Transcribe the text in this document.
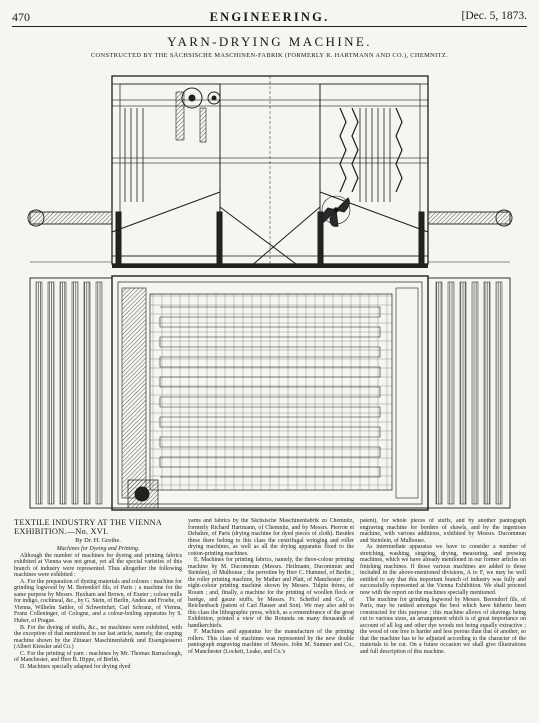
470	ENGINEERING.	[Dec. 5, 1873.
YARN-DRYING MACHINE.
CONSTRUCTED BY THE SÄCHSISCHE MASCHINEN-FABRIK (FORMERLY R. HARTMANN AND CO.), CHEMNITZ.
TEXTILE INDUSTRY AT THE VIENNA EXHIBITION.—No. XVI.

By Dr. H. Grothe.

Machines for Dyeing and Printing.

Although the number of machines for dyeing and printing fabrics exhibited at Vienna was not great, yet all the special varieties of this branch of industry were represented. Thus altogether the following machines were exhibited :

A. For the preparation of dyeing materials and colours : machine for grinding logwood by M. Berendorf fils, of Paris ; a machine for the same purpose by Messrs. Huxham and Brown, of Exeter ; colour mills for indigo, cochineal, &c., by G. Stein, of Berlin, Andes and Froebe, of Vienna, Wilhelm Sattler, of Schweinfurt, Carl Schranz, of Vienna, Franz Colleninger, of Cologne, and a colour-boiling apparatus by S. Huber, of Prague.

B. For the dyeing of stuffs, &c., no machines were exhibited, with the exception of that mentioned in our last article, namely, the craping machine shown by the Zittauer Maschinenfabrik und Eisengiesserei (Albert Kiessler and Co.)

C. For the printing of yarn : machines by Mr. Thomas Barraclough, of Manchester, and Herr B. Hippe, of Berlin.

D. Machines specially adapted for drying dyed

yarns and fabrics by the Sächsische Maschinenfabrik zu Chemnitz, formerly Richard Hartmann, of Chemnitz, and by Messrs. Pierron et Dehaître, of Paris (drying machine for dyed pieces of cloth). Besides these there belong to this class the centrifugal wringing and roller drying machines, as well as all the drying apparatus fixed to the cotton-printing machines.

E. Machines for printing fabrics, namely, the three-colour printing machine by M. Ducommun (Messrs. Heilmann, Ducommun and Steinlen), of Mulhouse ; the perrotine by Herr C. Hummel, of Berlin ; the roller printing machine, by Mather and Platt, of Manchester ; the eight-colour printing machine shown by Messrs. Tulpin frères, of Rouen ; and, finally, a machine for the printing of woollen flock or barège, and gauze stuffs, by Messrs. Fr. Scheffel and Co., of Reichenbach (patent of Carl Hauser and Son). We may also add to this class the lithographic press, which, as a remembrance of the great Exhibition, printed a view of the Rotunda on many thousands of handkerchiefs.

F. Machines and apparatus for the manufacture of the printing rollers. This class of machines was represented by the new double pantograph engraving machine of Messrs. John M. Sumner and Co., of Manchester (Lockett, Leake, and Co.'s

patent), for whole pieces of stuffs, and by another pantograph engraving machine for borders of shawls, and by the ingenious machine, with various additions, exhibited by Messrs. Ducommun and Steinlein, of Mulhouse.

As intermediate apparatus we have to consider a number of stretching, washing, singeing, drying, measuring, and pressing machines, which we have already mentioned in our former articles on finishing machines. If those various machines are added to those included in the above-mentioned divisions, A to F, we may be well entitled to say that this important branch of industry was fully and successfully represented at the Vienna Exhibition. We shall proceed now with the report on the machines specially mentioned.

The machine for grinding logwood by Messrs. Berendorf fils, of Paris, may be ranked amongst the best which have hitherto been constructed for this purpose ; this machine allows of shavings being cut to various sizes, an arrangement which is of great importance on account of all log and other dye woods not being equally extractive ; the wood of one tree is harder and less porous than that of another, so that the machine has to be adjusted according to the character of the materials to be cut. On a future occasion we shall give illustrations and full description of this machine.
